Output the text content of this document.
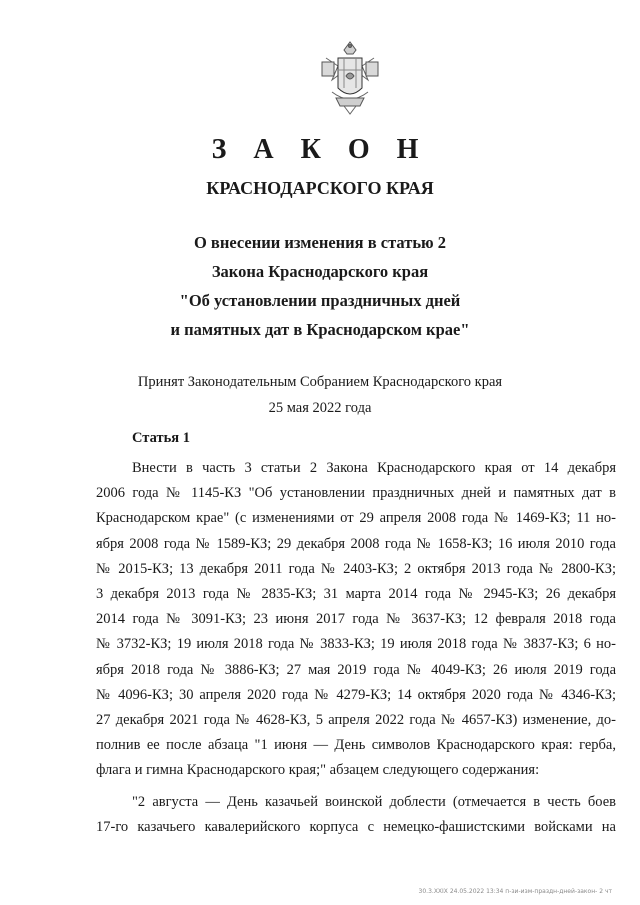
З А К О Н
КРАСНОДАРСКОГО КРАЯ
О внесении изменения в статью 2
Закона Краснодарского края
"Об установлении праздничных дней
и памятных дат в Краснодарском крае"
Принят Законодательным Собранием Краснодарского края
25 мая 2022 года
Статья 1
Внести в часть 3 статьи 2 Закона Краснодарского края от 14 декабря
2006 года № 1145-КЗ "Об установлении праздничных дней и памятных дат в
Краснодарском крае" (с изменениями от 29 апреля 2008 года № 1469-КЗ; 11 но-
ября 2008 года № 1589-КЗ; 29 декабря 2008 года № 1658-КЗ; 16 июля 2010 года
№ 2015-КЗ; 13 декабря 2011 года № 2403-КЗ; 2 октября 2013 года № 2800-КЗ;
3 декабря 2013 года № 2835-КЗ; 31 марта 2014 года № 2945-КЗ; 26 декабря
2014 года № 3091-КЗ; 23 июня 2017 года № 3637-КЗ; 12 февраля 2018 года
№ 3732-КЗ; 19 июля 2018 года № 3833-КЗ; 19 июля 2018 года № 3837-КЗ; 6 но-
ября 2018 года № 3886-КЗ; 27 мая 2019 года № 4049-КЗ; 26 июля 2019 года
№ 4096-КЗ; 30 апреля 2020 года № 4279-КЗ; 14 октября 2020 года № 4346-КЗ;
27 декабря 2021 года № 4628-КЗ, 5 апреля 2022 года № 4657-КЗ) изменение, до-
полнив ее после абзаца "1 июня — День символов Краснодарского края: герба,
флага и гимна Краснодарского края;" абзацем следующего содержания:
"2 августа — День казачьей воинской доблести (отмечается в честь боев
17-го казачьего кавалерийского корпуса с немецко-фашистскими войсками на
30.3.XXIX 24.05.2022 13:34 п-зи-изм-праздн-дней-закон- 2 чт
